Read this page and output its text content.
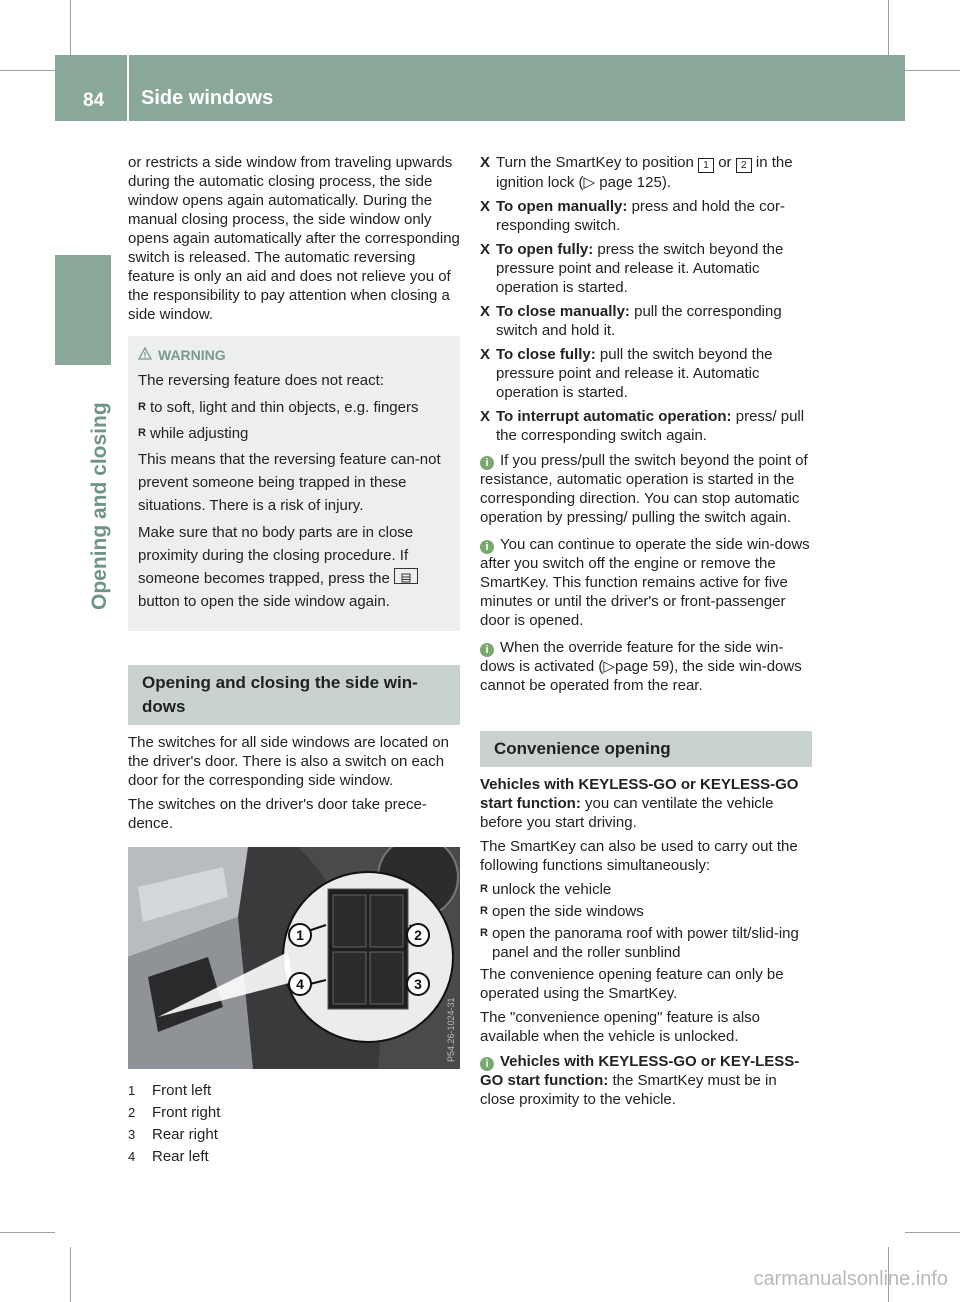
84 Side windows
Opening and closing

or restricts a side window from traveling upwards during the automatic closing process, the side window opens again automatically. During the manual closing process, the side window only opens again automatically after the corresponding switch is released. The automatic reversing feature is only an aid and does not relieve you of the responsibility to pay attention when closing a side window.

WARNING

The reversing feature does not react:

R to soft, light and thin objects, e.g. fingers
R while adjusting

This means that the reversing feature can-not prevent someone being trapped in these situations. There is a risk of injury.

Make sure that no body parts are in close proximity during the closing procedure. If someone becomes trapped, press the  button to open the side window again.

Opening and closing the side win-dows

The switches for all side windows are located on the driver's door. There is also a switch on each door for the corresponding side window.

The switches on the driver's door take prece-dence.

1	2
3
4
P54.26-1024-31
1 Front left
2 Front right
3 Rear right
4 Rear left
X Turn the SmartKey to position 1 or 2 in the ignition lock (▷ page 125).
X To open manually: press and hold the cor-responding switch.
X To open fully: press the switch beyond the pressure point and release it. Automatic operation is started.
X To close manually: pull the corresponding switch and hold it.
X To close fully: pull the switch beyond the pressure point and release it. Automatic operation is started.
X To interrupt automatic operation: press/ pull the corresponding switch again.
i If you press/pull the switch beyond the point of resistance, automatic operation is started in the corresponding direction. You can stop automatic operation by pressing/ pulling the switch again.
i You can continue to operate the side win-dows after you switch off the engine or remove the SmartKey. This function remains active for five minutes or until the driver's or front-passenger door is opened.
i When the override feature for the side win-dows is activated (▷page 59), the side win-dows cannot be operated from the rear.
Convenience opening

Vehicles with KEYLESS-GO or KEYLESS-GO start function: you can ventilate the vehicle before you start driving.

The SmartKey can also be used to carry out the following functions simultaneously:

R unlock the vehicle
R open the side windows
R open the panorama roof with power tilt/slid-ing panel and the roller sunblind

The convenience opening feature can only be operated using the SmartKey.

The "convenience opening" feature is also available when the vehicle is unlocked.

i Vehicles with KEYLESS-GO or KEY-LESS-GO start function: the SmartKey must be in close proximity to the vehicle.
carmanualsonline.info
